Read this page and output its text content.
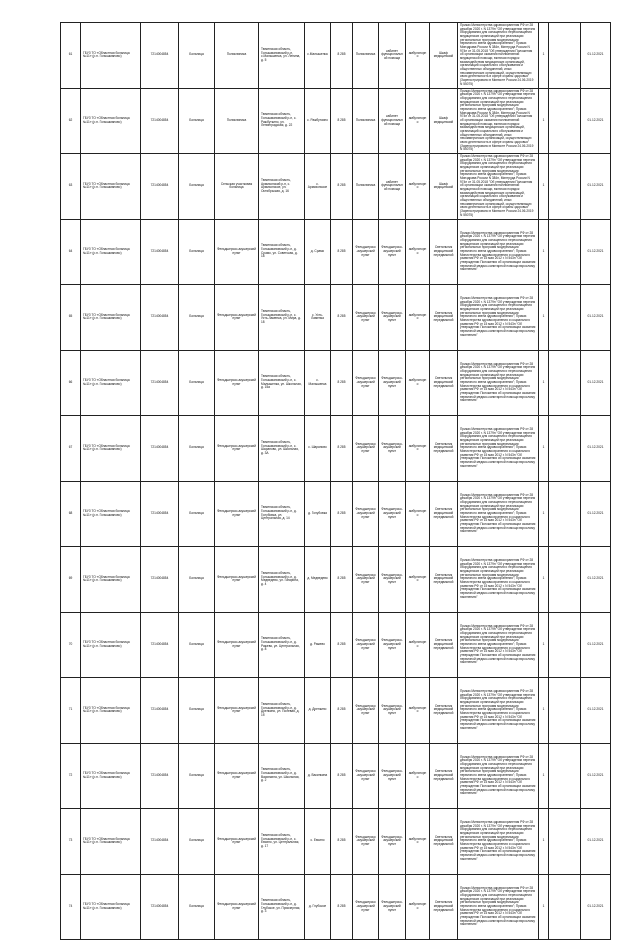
61	ГБУЗ ТО «Областная больница №11» (р.п. Голышманово)	7214004854	Больница	Поликлиника	Тюменская область, Голышмановский р-н, с.Малышенка, ул. Ленина, д. 5	с.Малышенка	8 285	Поликлиника	кабинет функциональной помощи	амбулаторно	Шкаф медицинский	Приказ Министерства здравоохранения РФ от 28 декабря 2020 г. N 1379н "Об утверждении перечня оборудования для оснащения и переоснащения медицинских организаций при реализации региональных программ модернизации первичного звена здравоохранения"; Приказ Минздрава России N 384н, Минтруда России N 974н от 31.05.2018 "Об утверждении Положения об организации оказания паллиативной медицинской помощи, включая порядок взаимодействия медицинских организаций, организаций социального обслуживания и общественных объединений, иных некоммерческих организаций, осуществляющих свою деятельность в сфере охраны здоровья" (Зарегистрировано в Минюсте России 24.06.2019 N 55075)	1		01.12.2021
62	ГБУЗ ТО «Областная больница №11» (р.п. Голышманово)	7214004854	Больница	Поликлиника	Тюменская область, Голышмановский р-н, с. Ражбуткино, ул. Ленинградская, д. 22	с. Ражбуткино	8 285	Поликлиника	кабинет функциональной помощи	амбулаторно	Шкаф медицинский	Приказ Министерства здравоохранения РФ от 28 декабря 2020 г. N 1379н "Об утверждении перечня оборудования для оснащения и переоснащения медицинских организаций при реализации региональных программ модернизации первичного звена здравоохранения"; Приказ Минздрава России N 384н, Минтруда России N 974н от 31.05.2018 "Об утверждении Положения об организации оказания паллиативной медицинской помощи, включая порядок взаимодействия медицинских организаций, организаций социального обслуживания и общественных объединений, иных некоммерческих организаций, осуществляющих свою деятельность в сфере охраны здоровья" (Зарегистрировано в Минюсте России 24.06.2019 N 55075)	1		01.12.2021
63	ГБУЗ ТО «Областная больница №11» (р.п. Голышманово)	7214004854	Больница	Сельская участковая больница	Тюменская область, Армизонский р-н, с. Армизонское, ул. Октябрьская, д. 16	с. Армизонское	8 285	Поликлиника	кабинет функциональной помощи	амбулаторно	Шкаф медицинский	Приказ Министерства здравоохранения РФ от 28 декабря 2020 г. N 1379н "Об утверждении перечня оборудования для оснащения и переоснащения медицинских организаций при реализации региональных программ модернизации первичного звена здравоохранения"; Приказ Минздрава России N 384н, Минтруда России N 974н от 31.05.2018 "Об утверждении Положения об организации оказания паллиативной медицинской помощи, включая порядок взаимодействия медицинских организаций, организаций социального обслуживания и общественных объединений, иных некоммерческих организаций, осуществляющих свою деятельность в сфере охраны здоровья" (Зарегистрировано в Минюсте России 24.06.2019 N 55075)	1		01.12.2021
64	ГБУЗ ТО «Областная больница №11» (р.п. Голышманово)	7214004854	Больница	Фельдшерско-акушерский пункт	Тюменская область, Голышмановский р-н, д. Срамо, ул. Советская, д. 18	д. Срамо	8 285	Фельдшерско-акушерский пункт	Фельдшерско-акушерский пункт	амбулаторно	Светильник медицинский передвижной	Приказ Министерства здравоохранения РФ от 28 декабря 2020 г. N 1379н "Об утверждении перечня оборудования для оснащения и переоснащения медицинских организаций при реализации региональных программ модернизации первичного звена здравоохранения"; Приказ Министерства здравоохранения и социального развития РФ от 15 мая 2012 г. N 543н "Об утверждении Положения об организации оказания первичной медико-санитарной помощи взрослому населению"	1		01.12.2021
65	ГБУЗ ТО «Областная больница №11» (р.п. Голышманово)	7214004854	Больница	Фельдшерско-акушерский пункт	Тюменская область, Голышмановский р-н, с. Усть-Ламенка, ул. Мира, д. 18	с. Усть-Ламенка	8 285	Фельдшерско-акушерский пункт	Фельдшерско-акушерский пункт	амбулаторно	Светильник медицинский передвижной	Приказ Министерства здравоохранения РФ от 28 декабря 2020 г. N 1379н "Об утверждении перечня оборудования для оснащения и переоснащения медицинских организаций при реализации региональных программ модернизации первичного звена здравоохранения"; Приказ Министерства здравоохранения и социального развития РФ от 15 мая 2012 г. N 543н "Об утверждении Положения об организации оказания первичной медико-санитарной помощи взрослому населению"	1		01.12.2021
66	ГБУЗ ТО «Областная больница №11» (р.п. Голышманово)	7214004854	Больница	Фельдшерско-акушерский пункт	Тюменская область, Голышмановский р-н, с. Малышенка, ул. Школьная, д. 15а	с. Малышенка	8 285	Фельдшерско-акушерский пункт	Фельдшерско-акушерский пункт	амбулаторно	Светильник медицинский передвижной	Приказ Министерства здравоохранения РФ от 28 декабря 2020 г. N 1379н "Об утверждении перечня оборудования для оснащения и переоснащения медицинских организаций при реализации региональных программ модернизации первичного звена здравоохранения"; Приказ Министерства здравоохранения и социального развития РФ от 15 мая 2012 г. N 543н "Об утверждении Положения об организации оказания первичной медико-санитарной помощи взрослому населению"	1		01.12.2021
67	ГБУЗ ТО «Областная больница №11» (р.п. Голышманово)	7214004854	Больница	Фельдшерско-акушерский пункт	Тюменская область, Голышмановский р-н, с. Шарапово, ул. Школьная, д. 3А	с. Шарапово	8 285	Фельдшерско-акушерский пункт	Фельдшерско-акушерский пункт	амбулаторно	Светильник медицинский передвижной	Приказ Министерства здравоохранения РФ от 28 декабря 2020 г. N 1379н "Об утверждении перечня оборудования для оснащения и переоснащения медицинских организаций при реализации региональных программ модернизации первичного звена здравоохранения"; Приказ Министерства здравоохранения и социального развития РФ от 15 мая 2012 г. N 543н "Об утверждении Положения об организации оказания первичной медико-санитарной помощи взрослому населению"	1		01.12.2021
68	ГБУЗ ТО «Областная больница №11» (р.п. Голышманово)	7214004854	Больница	Фельдшерско-акушерский пункт	Тюменская область, Голышмановский р-н, д. Голубовка, ул. Центральная, д. 14	д. Голубовка	8 285	Фельдшерско-акушерский пункт	Фельдшерско-акушерский пункт	амбулаторно	Светильник медицинский передвижной	Приказ Министерства здравоохранения РФ от 28 декабря 2020 г. N 1379н "Об утверждении перечня оборудования для оснащения и переоснащения медицинских организаций при реализации региональных программ модернизации первичного звена здравоохранения"; Приказ Министерства здравоохранения и социального развития РФ от 15 мая 2012 г. N 543н "Об утверждении Положения об организации оказания первичной медико-санитарной помощи взрослому населению"	1		01.12.2021
69	ГБУЗ ТО «Областная больница №11» (р.п. Голышманово)	7214004854	Больница	Фельдшерско-акушерский пункт	Тюменская область, Голышмановский р-н, д. Медведево, ул. Гагарина, д. 4	д. Медведево	8 285	Фельдшерско-акушерский пункт	Фельдшерско-акушерский пункт	амбулаторно	Светильник медицинский передвижной	Приказ Министерства здравоохранения РФ от 28 декабря 2020 г. N 1379н "Об утверждении перечня оборудования для оснащения и переоснащения медицинских организаций при реализации региональных программ модернизации первичного звена здравоохранения"; Приказ Министерства здравоохранения и социального развития РФ от 15 мая 2012 г. N 543н "Об утверждении Положения об организации оказания первичной медико-санитарной помощи взрослому населению"	1		01.12.2021
70	ГБУЗ ТО «Областная больница №11» (р.п. Голышманово)	7214004854	Больница	Фельдшерско-акушерский пункт	Тюменская область, Голышмановский р-н, д. Ражево, ул. Центральная, д. 8	д. Ражево	8 285	Фельдшерско-акушерский пункт	Фельдшерско-акушерский пункт	амбулаторно	Светильник медицинский передвижной	Приказ Министерства здравоохранения РФ от 28 декабря 2020 г. N 1379н "Об утверждении перечня оборудования для оснащения и переоснащения медицинских организаций при реализации региональных программ модернизации первичного звена здравоохранения"; Приказ Министерства здравоохранения и социального развития РФ от 15 мая 2012 г. N 543н "Об утверждении Положения об организации оказания первичной медико-санитарной помощи взрослому населению"	1		01.12.2021
71	ГБУЗ ТО «Областная больница №11» (р.п. Голышманово)	7214004854	Больница	Фельдшерско-акушерский пункт	Тюменская область, Голышмановский р-н, д. Дренкино, ул. Полевая, д. 1б	д. Дренкино	8 285	Фельдшерско-акушерский пункт	Фельдшерско-акушерский пункт	амбулаторно	Светильник медицинский передвижной	Приказ Министерства здравоохранения РФ от 28 декабря 2020 г. N 1379н "Об утверждении перечня оборудования для оснащения и переоснащения медицинских организаций при реализации региональных программ модернизации первичного звена здравоохранения"; Приказ Министерства здравоохранения и социального развития РФ от 15 мая 2012 г. N 543н "Об утверждении Положения об организации оказания первичной медико-санитарной помощи взрослому населению"	1		01.12.2021
72	ГБУЗ ТО «Областная больница №11» (р.п. Голышманово)	7214004854	Больница	Фельдшерско-акушерский пункт	Тюменская область, Голышмановский р-н, д. Васинкина, ул. Школьная, д. 2	д. Васинкина	8 285	Фельдшерско-акушерский пункт	Фельдшерско-акушерский пункт	амбулаторно	Светильник медицинский передвижной	Приказ Министерства здравоохранения РФ от 28 декабря 2020 г. N 1379н "Об утверждении перечня оборудования для оснащения и переоснащения медицинских организаций при реализации региональных программ модернизации первичного звена здравоохранения"; Приказ Министерства здравоохранения и социального развития РФ от 15 мая 2012 г. N 543н "Об утверждении Положения об организации оказания первичной медико-санитарной помощи взрослому населению"	1		01.12.2021
73	ГБУЗ ТО «Областная больница №11» (р.п. Голышманово)	7214004854	Больница	Фельдшерско-акушерский пункт	Тюменская область, Голышмановский р-н, с. Евсино, ул. Центральная, д. 17	с. Евсино	8 285	Фельдшерско-акушерский пункт	Фельдшерско-акушерский пункт	амбулаторно	Светильник медицинский передвижной	Приказ Министерства здравоохранения РФ от 28 декабря 2020 г. N 1379н "Об утверждении перечня оборудования для оснащения и переоснащения медицинских организаций при реализации региональных программ модернизации первичного звена здравоохранения"; Приказ Министерства здравоохранения и социального развития РФ от 15 мая 2012 г. N 543н "Об утверждении Положения об организации оказания первичной медико-санитарной помощи взрослому населению"	1		01.12.2021
74	ГБУЗ ТО «Областная больница №11» (р.п. Голышманово)	7214004854	Больница	Фельдшерско-акушерский пункт	Тюменская область, Голышмановский р-н, д. Глубокое, ул. Приозерная, д. 3	д. Глубокое	8 285	Фельдшерско-акушерский пункт	Фельдшерско-акушерский пункт	амбулаторно	Светильник медицинский передвижной	Приказ Министерства здравоохранения РФ от 28 декабря 2020 г. N 1379н "Об утверждении перечня оборудования для оснащения и переоснащения медицинских организаций при реализации региональных программ модернизации первичного звена здравоохранения"; Приказ Министерства здравоохранения и социального развития РФ от 15 мая 2012 г. N 543н "Об утверждении Положения об организации оказания первичной медико-санитарной помощи взрослому населению"	1		01.12.2021
